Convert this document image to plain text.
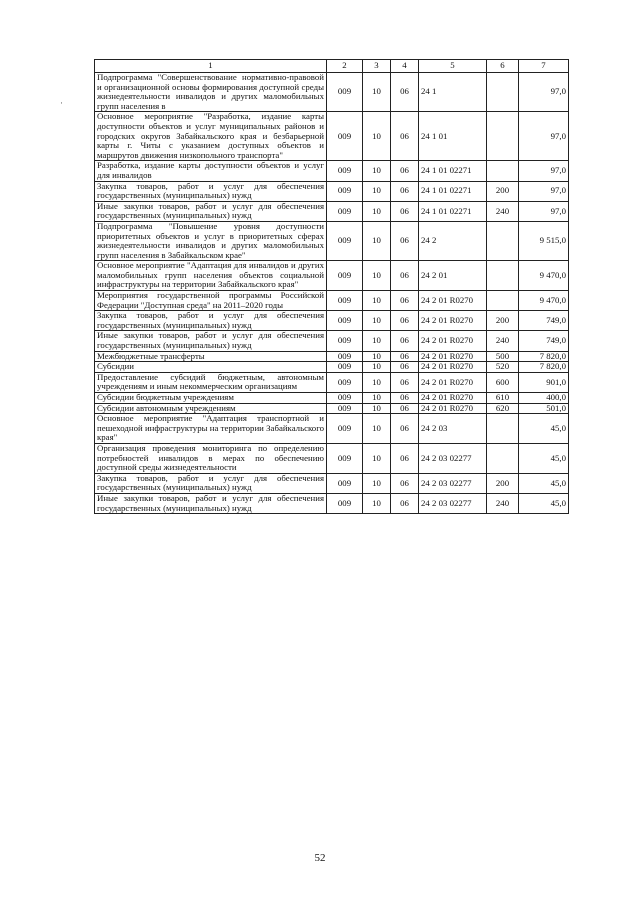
·
1	2	3	4	5	6	7
Подпрограмма "Совершенствование нормативно-правовой и организационной основы формирования доступной среды жизнедеятельности инвалидов и других маломобильных групп населения в	009	10	06	24 1		97,0
Основное мероприятие "Разработка, издание карты доступности объектов и услуг муниципальных районов и городских округов Забайкальского края и безбарьерной карты г. Читы с указанием доступных объектов и маршрутов движения низкопольного транспорта"	009	10	06	24 1 01		97,0
Разработка, издание карты доступности объектов и услуг для инвалидов	009	10	06	24 1 01 02271		97,0
Закупка товаров, работ и услуг для обеспечения государственных (муниципальных) нужд	009	10	06	24 1 01 02271	200	97,0
Иные закупки товаров, работ и услуг для обеспечения государственных (муниципальных) нужд	009	10	06	24 1 01 02271	240	97,0
Подпрограмма "Повышение уровня доступности приоритетных объектов и услуг в приоритетных сферах жизнедеятельности инвалидов и других маломобильных групп населения в Забайкальском крае"	009	10	06	24 2		9 515,0
Основное мероприятие "Адаптация для инвалидов и других маломобильных групп населения объектов социальной инфраструктуры на территории Забайкальского края"	009	10	06	24 2 01		9 470,0
Мероприятия государственной программы Российской Федерации "Доступная среда" на 2011–2020 годы	009	10	06	24 2 01 R0270		9 470,0
Закупка товаров, работ и услуг для обеспечения государственных (муниципальных) нужд	009	10	06	24 2 01 R0270	200	749,0
Иные закупки товаров, работ и услуг для обеспечения государственных (муниципальных) нужд	009	10	06	24 2 01 R0270	240	749,0
Межбюджетные трансферты	009	10	06	24 2 01 R0270	500	7 820,0
Субсидии	009	10	06	24 2 01 R0270	520	7 820,0
Предоставление субсидий бюджетным, автономным учреждениям и иным некоммерческим организациям	009	10	06	24 2 01 R0270	600	901,0
Субсидии бюджетным учреждениям	009	10	06	24 2 01 R0270	610	400,0
Субсидии автономным учреждениям	009	10	06	24 2 01 R0270	620	501,0
Основное мероприятие "Адаптация транспортной и пешеходной инфраструктуры на территории Забайкальского края"	009	10	06	24 2 03		45,0
Организация проведения мониторинга по определению потребностей инвалидов в мерах по обеспечению доступной среды жизнедеятельности	009	10	06	24 2 03 02277		45,0
Закупка товаров, работ и услуг для обеспечения государственных (муниципальных) нужд	009	10	06	24 2 03 02277	200	45,0
Иные закупки товаров, работ и услуг для обеспечения государственных (муниципальных) нужд	009	10	06	24 2 03 02277	240	45,0
52
